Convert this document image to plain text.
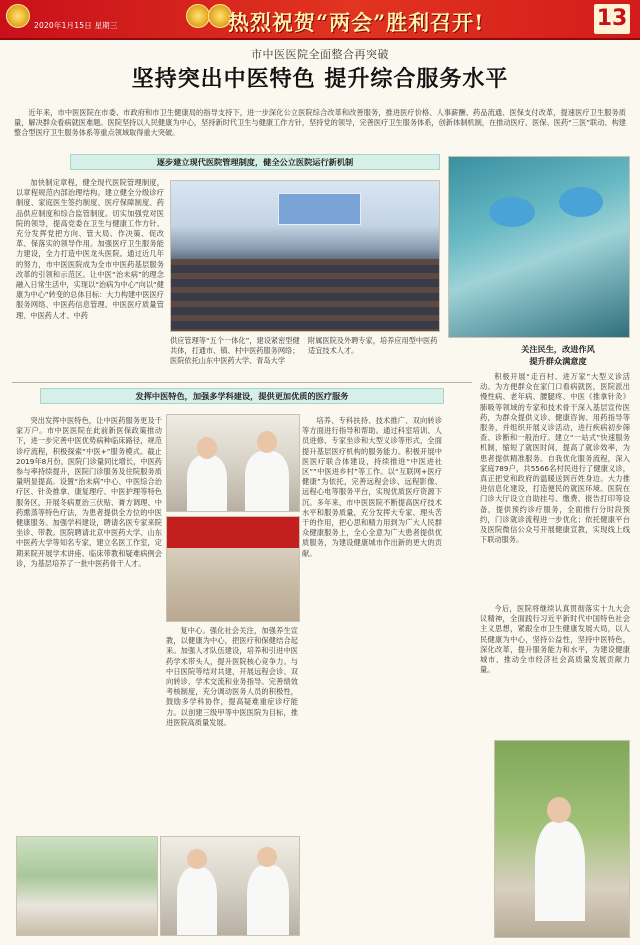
2020年1月15日 星期三	热烈祝贺“两会”胜利召开!	13
市中医医院全面整合再突破
坚持突出中医特色 提升综合服务水平
近年来，市中医医院在市委、市政府和市卫生健康局的指导支持下，进一步深化公立医院综合改革和改善服务，推进医疗价格、人事薪酬、药品流通、医保支付改革，提速医疗卫生服务质量，解决群众看病就医难题。医院坚持以人民健康为中心，坚持新时代卫生与健康工作方针，坚持党的领导，完善医疗卫生服务体系，创新体制机制，在推动医疗、医保、医药“三医”联动、构建整合型医疗卫生服务体系等重点领域取得重大突破。
逐步建立现代医院管理制度，健全公立医院运行新机制
加快制定章程，健全现代医院管理制度，以章程规范内部治理结构。建立健全分级诊疗制度、家庭医生签约制度、医疗保障制度、药品供应制度和综合监管制度。切实加强党对医院的领导，提高党委在卫生与健康工作方针、充分发挥党把方向、管大局、作决策、促改革、保落实的领导作用。加强医疗卫生服务能力建设，全力打造中医龙头医院。通过近几年的努力，市中医医院成为全市中医药基层服务改革的引领和示范区。让中医“治未病”的理念融入日常生活中，实现以“治病为中心”向以“健康为中心”转变的总体目标：大力构建中医医疗服务网络、中医药信息管理、中医医疗质量管理、中医药人才、中药
供应管理等“五个一体化”，建设紧密型健共体，打通市、镇、村中医药服务网络；医院依托山东中医药大学、青岛大学
附属医院及外聘专家，培养应用型中医药适宜技术人才。	关注民生，改进作风
提升群众满意度
积极开展“走百村、进万家”大型义诊活动。为方便群众在家门口看病就医，医院派出慢性病、老年病、腰腿疼、中医《推拿针灸》肺吸等领域的专家和技术骨干深入基层宣传医药，为群众提供义诊、健康咨询、用药指导等服务，并组织开展义诊活动，进行疾病初步筛查、诊断和一般治疗。建立“一站式”快速服务机制，缩短了就医时间，提高了就诊效率，为患者提供精准服务。自我优化服务流程，深入家庭789户，共5566名村民进行了健康义诊，真正把党和政府的温暖送到百姓身边。大力推进信息化建设，打造便民的就医环境。医院在门诊大厅设立自助挂号、缴费、报告打印等设备，提供预约诊疗服务，全面推行分时段预约，门诊就诊流程进一步优化；依托健康平台及医院微信公众号开展健康宣教，实现线上线下联动服务。
发挥中医特色，加强多学科建设，提供更加优质的医疗服务
突出发挥中医特色，让中医药服务更及千家万户。市中医医院在此前新医保政策推动下，进一步完善中医优势病种临床路径，规范诊疗流程，积极探索“中医+”服务模式。截止2019年8月份，医院门诊量同比增长，中医药参与率持续提升，医院门诊服务及住院服务质量明显提高。设置“治未病”中心、中医综合治疗区、针灸推拿、康复理疗、中医护理等特色服务区，开展冬病夏治三伏贴、膏方调理、中药熏蒸等特色疗法，为患者提供全方位的中医健康服务。加强学科建设，聘请名医专家来院坐诊、带教。医院聘请北京中医药大学、山东中医药大学等知名专家，建立名医工作室，定期来院开展学术讲座、临床带教和疑难病例会诊，为基层培养了一批中医药骨干人才。
复中心。强化社会关注，加强养生宣教，以健康为中心，把医疗和保健结合起来。加强人才队伍建设，培养和引进中医药学术带头人，提升医院核心竞争力。与中日医院等结对共建，开展远程会诊、双向转诊、学术交流和业务指导。完善绩效考核制度，充分调动医务人员的积极性，鼓励多学科协作，提高疑难重症诊疗能力。以创建三级甲等中医医院为目标，推进医院高质量发展。
培养、专科扶持、技术推广、双向转诊等方面进行指导和帮助。通过科室培训、人员进修、专家坐诊和大型义诊等形式，全面提升基层医疗机构的服务能力。积极开展中医医疗联合体建设，持续推进“中医进社区”“中医进乡村”等工作。以“互联网+医疗健康”为依托，完善远程会诊、远程影像、远程心电等服务平台，实现优质医疗资源下沉。多年来，市中医医院不断提高医疗技术水平和服务质量，充分发挥大专家、理头苦干的作用，把心思和精力用到为广大人民群众健康服务上，全心全意为广大患者提供优质服务，为建设健康城市作出新的更大的贡献。
今后，医院将继续认真贯彻落实十九大会议精神，全面践行习近平新时代中国特色社会主义思想，紧跟全市卫生健康发展大局，以人民健康为中心，坚持公益性，坚持中医特色，深化改革，提升服务能力和水平，为建设健康城市、推动全市经济社会高质量发展贡献力量。
